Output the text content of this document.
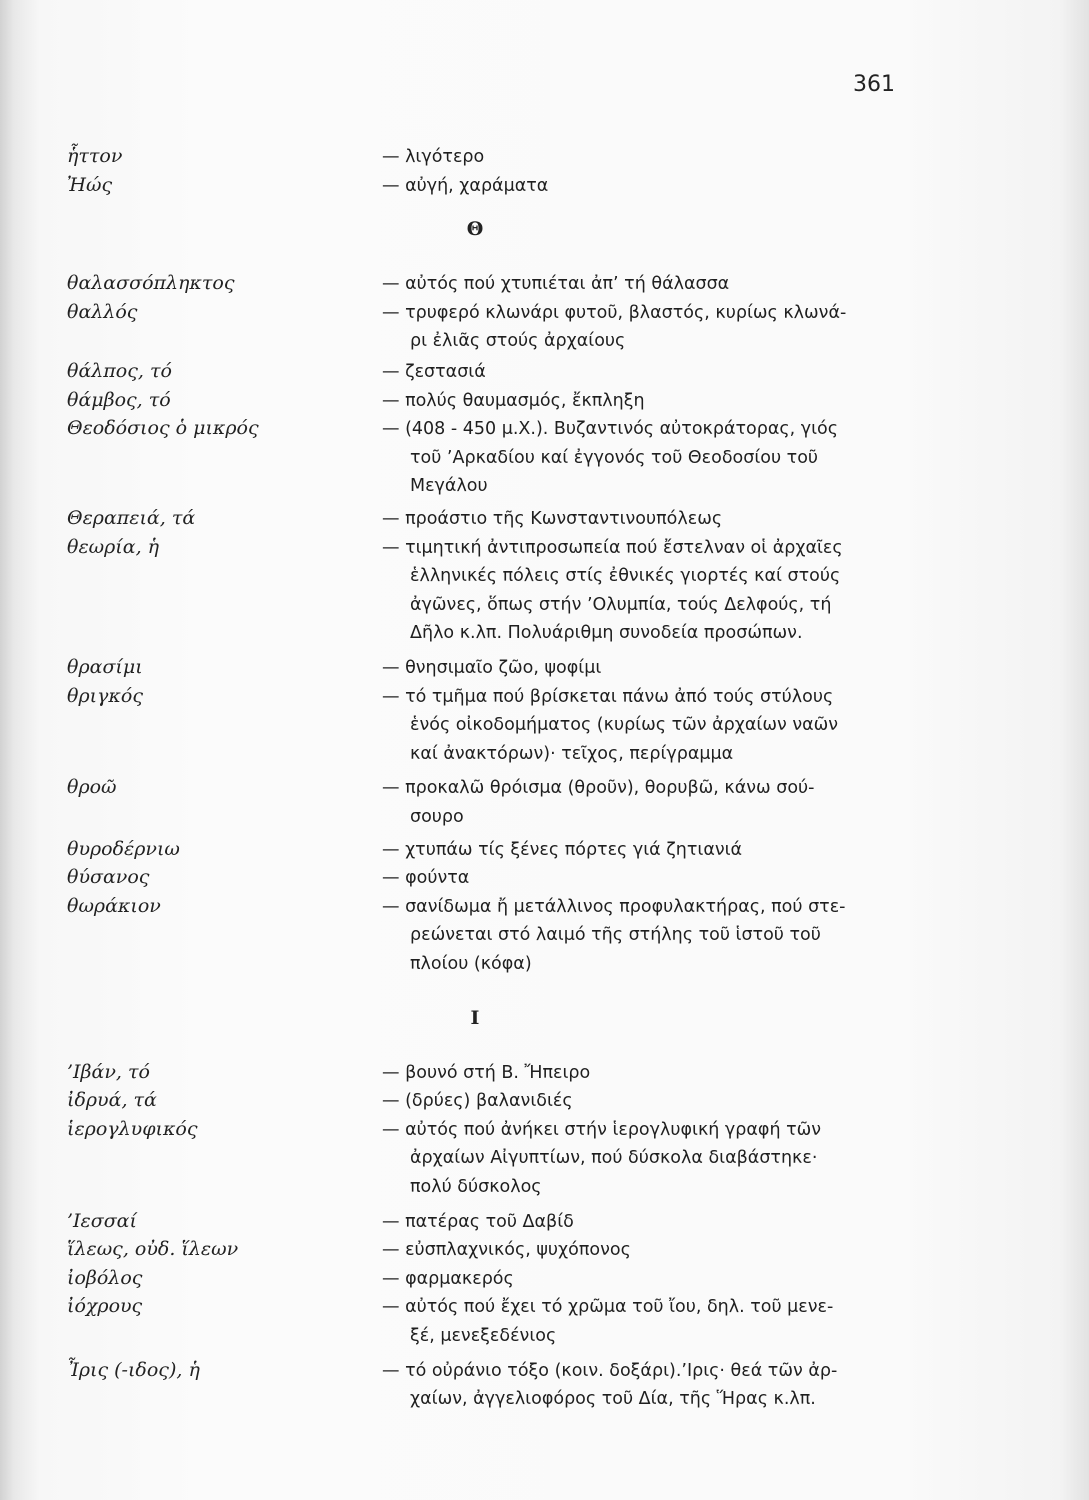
361
ἧττον	— λιγότερο
Ἠώς	— αὐγή, χαράματα
Θ
θαλασσόπληκτος	— αὐτός πού χτυπιέται ἀπ’ τή θάλασσα
θαλλός	— τρυφερό κλωνάρι φυτοῦ, βλαστός, κυρίως κλωνά-
ρι ἐλιᾶς στούς ἀρχαίους
θάλπος, τό	— ζεστασιά
θάμβος, τό	— πολύς θαυμασμός, ἔκπληξη
Θεοδόσιος ὁ μικρός	— (408 - 450 μ.Χ.). Βυζαντινός αὐτοκράτορας, γιός
τοῦ ’Αρκαδίου καί ἐγγονός τοῦ Θεοδοσίου τοῦ
Μεγάλου
Θεραπειά, τά	— προάστιο τῆς Κωνσταντινουπόλεως
θεωρία, ἡ	— τιμητική ἀντιπροσωπεία πού ἔστελναν οἱ ἀρχαῖες
ἑλληνικές πόλεις στίς ἐθνικές γιορτές καί στούς
ἀγῶνες, ὅπως στήν ’Ολυμπία, τούς Δελφούς, τή
Δῆλο κ.λπ. Πολυάριθμη συνοδεία προσώπων.
θρασίμι	— θνησιμαῖο ζῶο, ψοφίμι
θριγκός	— τό τμῆμα πού βρίσκεται πάνω ἀπό τούς στύλους
ἑνός οἰκοδομήματος (κυρίως τῶν ἀρχαίων ναῶν
καί ἀνακτόρων)· τεῖχος, περίγραμμα
θροῶ	— προκαλῶ θρόισμα (θροῦν), θορυβῶ, κάνω σού-
σουρο
θυροδέρνιω	— χτυπάω τίς ξένες πόρτες γιά ζητιανιά
θύσανος	— φούντα
θωράκιον	— σανίδωμα ἤ μετάλλινος προφυλακτήρας, πού στε-
ρεώνεται στό λαιμό τῆς στήλης τοῦ ἱστοῦ τοῦ
πλοίου (κόφα)
Ι
’Ιβάν, τό	— βουνό στή Β. Ἤπειρο
ἰδρυά, τά	— (δρύες) βαλανιδιές
ἱερογλυφικός	— αὐτός πού ἀνήκει στήν ἱερογλυφική γραφή τῶν
ἀρχαίων Αἰγυπτίων, πού δύσκολα διαβάστηκε·
πολύ δύσκολος
’Ιεσσαί	— πατέρας τοῦ Δαβίδ
ἵλεως, οὐδ. ἵλεων	— εὐσπλαχνικός, ψυχόπονος
ἰοβόλος	— φαρμακερός
ἰόχρους	— αὐτός πού ἔχει τό χρῶμα τοῦ ἴου, δηλ. τοῦ μενε-
ξέ, μενεξεδένιος
Ἶρις (-ιδος), ἡ	— τό οὐράνιο τόξο (κοιν. δοξάρι).’Ιρις· θεά τῶν ἀρ-
χαίων, ἀγγελιοφόρος τοῦ Δία, τῆς Ἥρας κ.λπ.
